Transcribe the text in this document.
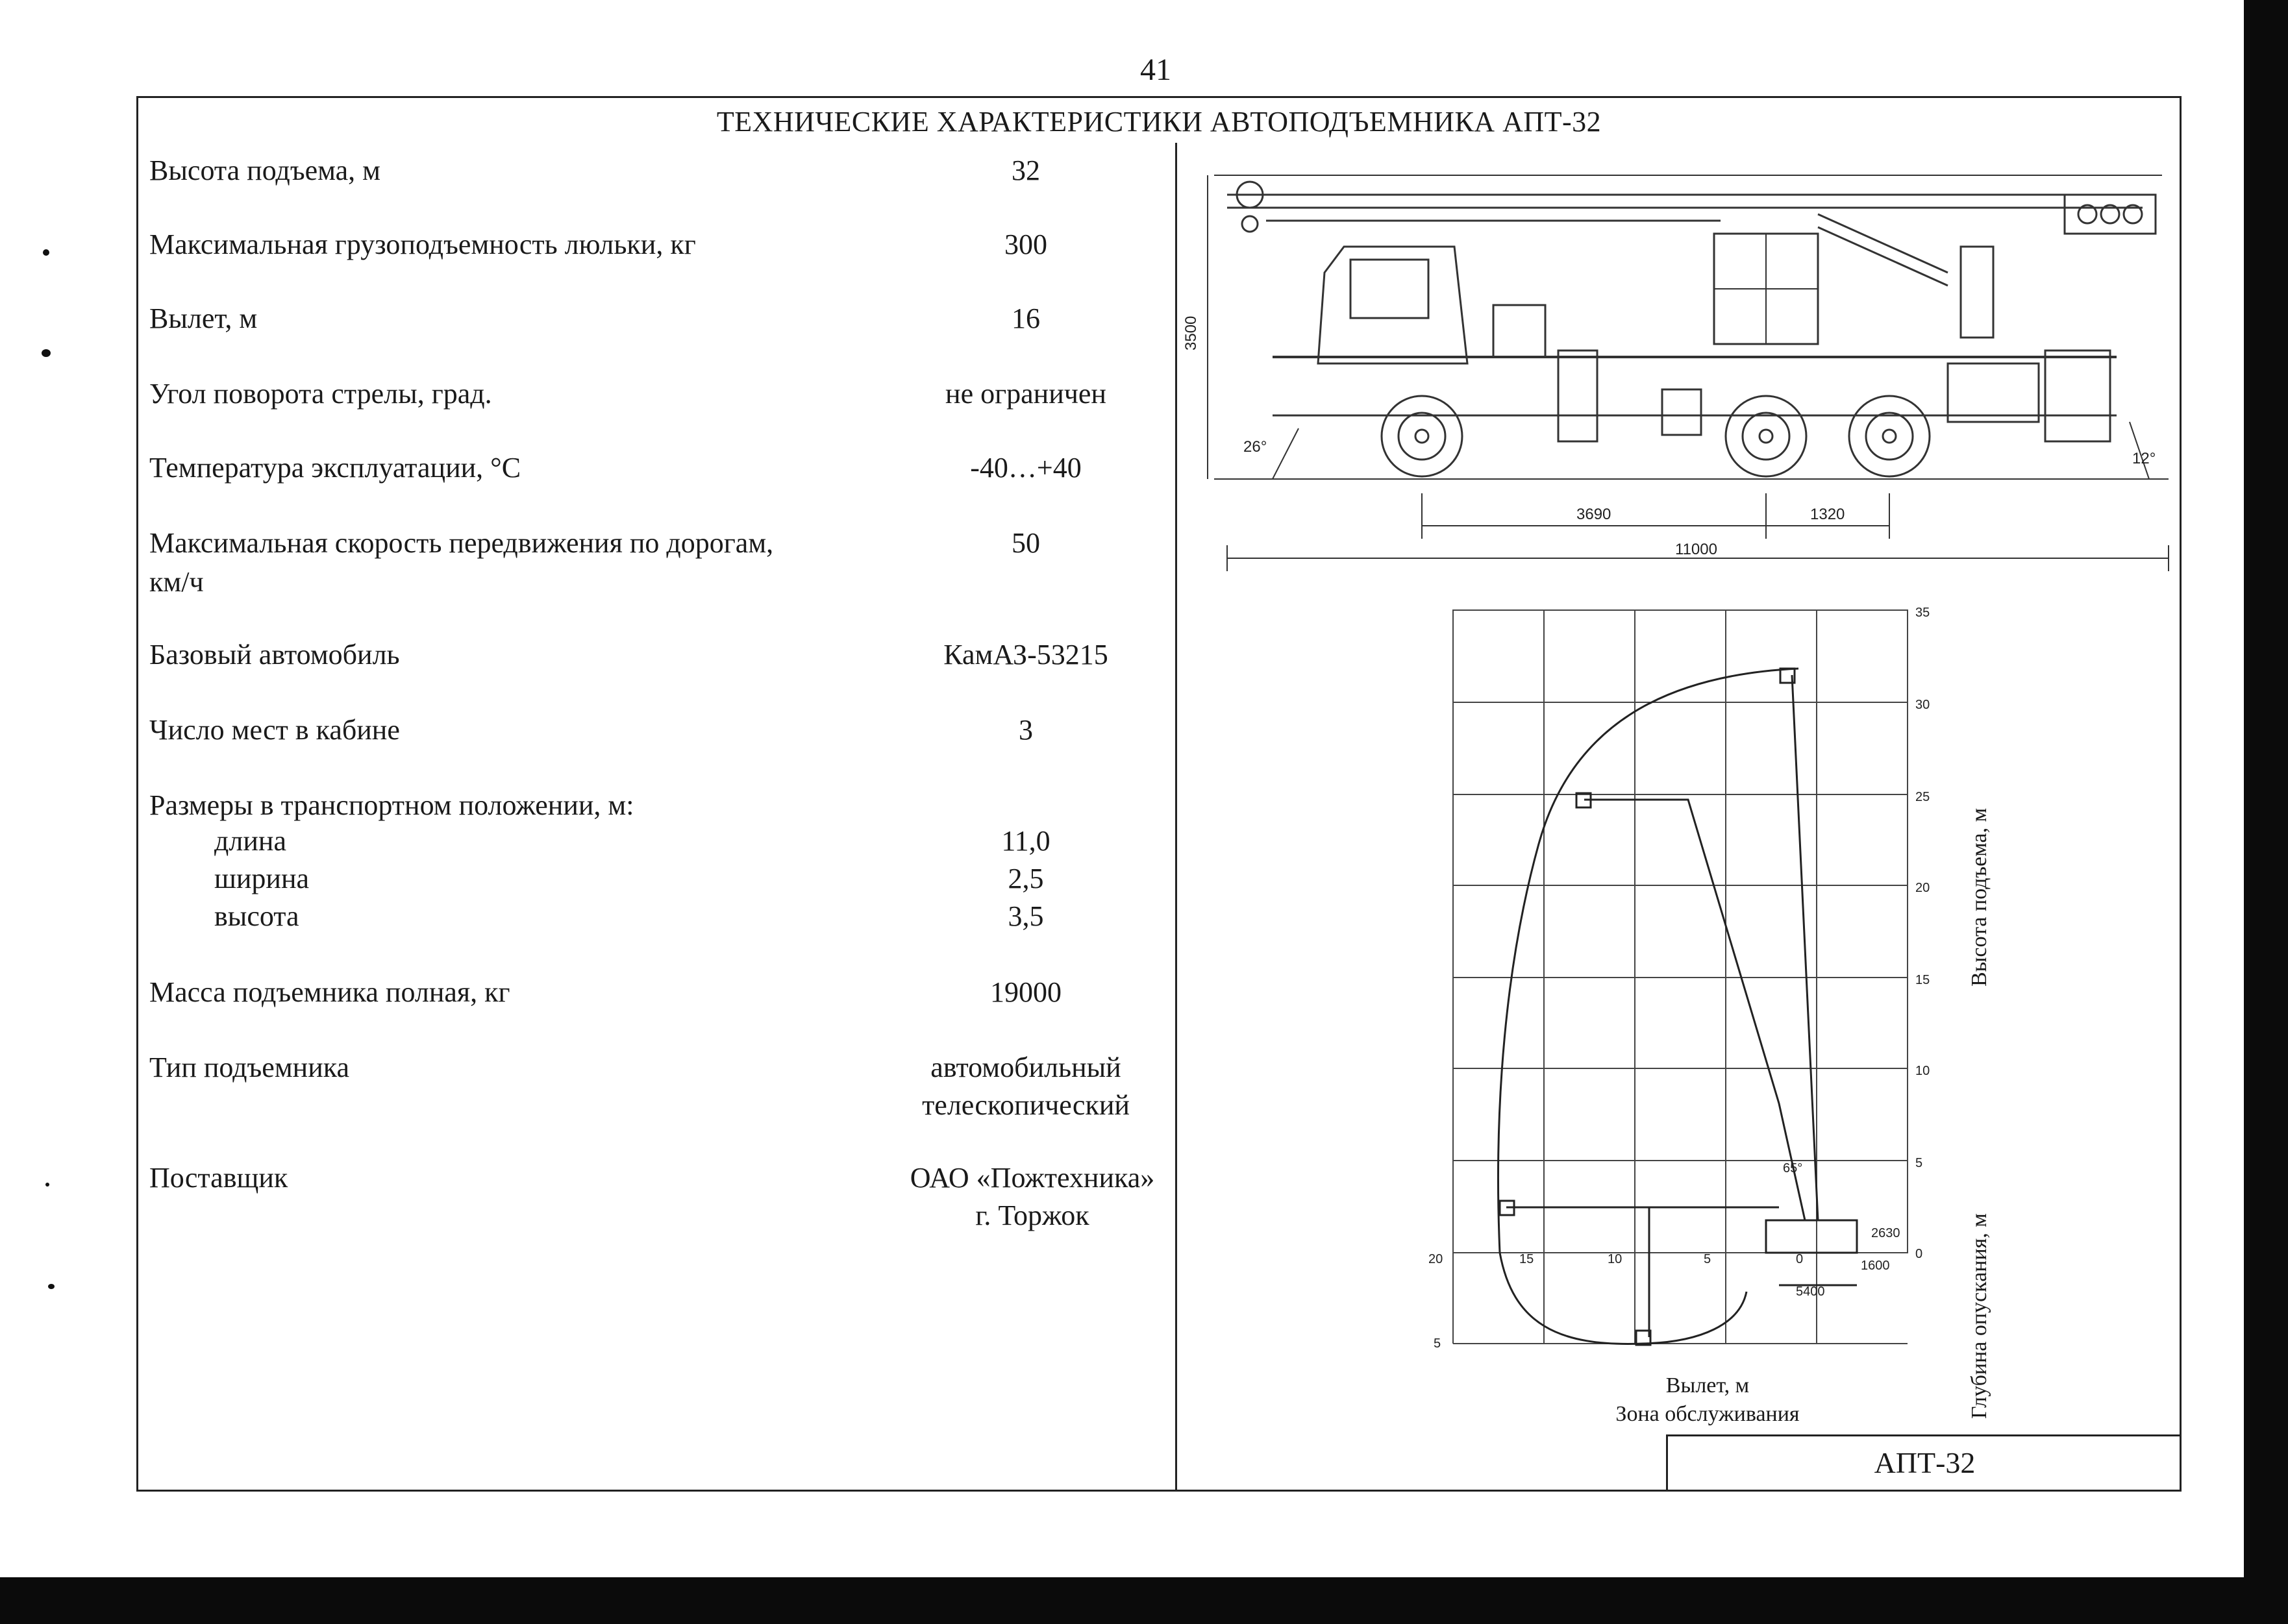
41
ТЕХНИЧЕСКИЕ ХАРАКТЕРИСТИКИ АВТОПОДЪЕМНИКА АПТ-32
Высота подъема, м	32
Максимальная грузоподъемность люльки, кг	300
Вылет, м	16
Угол поворота стрелы, град.	не ограничен
Температура эксплуатации, °С	-40…+40
Максимальная скорость передвижения по дорогам,	50
км/ч
Базовый автомобиль	КамАЗ-53215
Число мест в кабине	3
Размеры в транспортном положении, м:
длина	11,0
ширина	2,5
высота	3,5
Масса подъемника полная, кг	19000
Тип подъемника	автомобильный
телескопический
Поставщик	ОАО «Пожтехника»
г. Торжок
3500
26°
12°
3690	1320
11000
35
30
25
20
15
10
5
0
20	15	10	5	0
5
2630
1600
5400
65°
Вылет, м
Зона обслуживания
Высота подъема, м
Глубина опускания, м
АПТ-32
